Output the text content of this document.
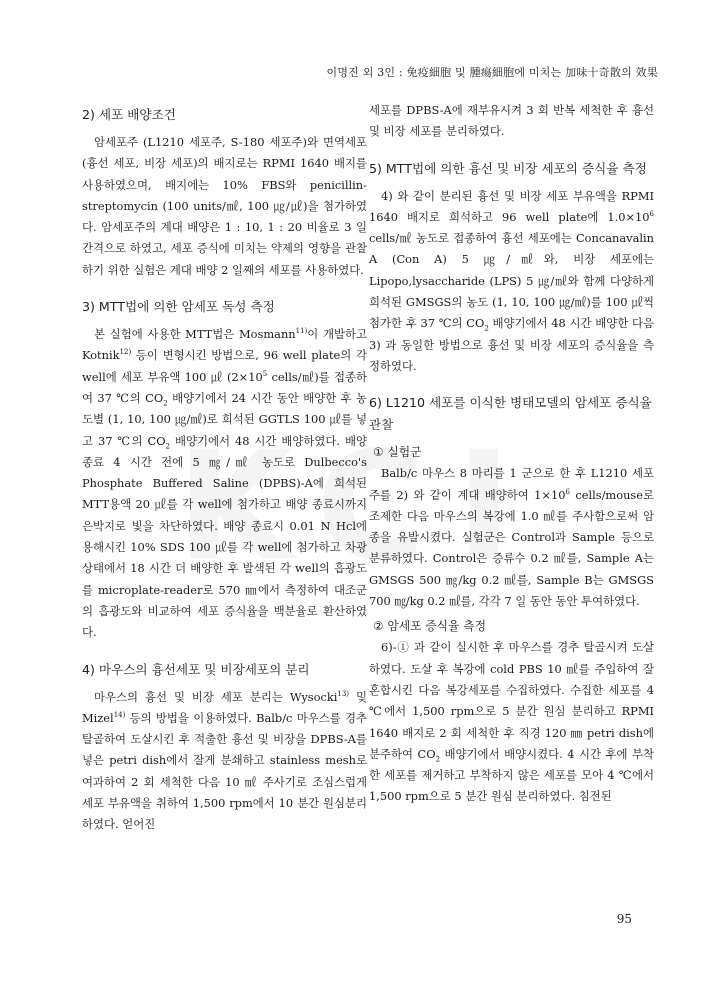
이명진 외 3인 : 免疫細胞 및 腫瘍細胞에 미치는 加味十奇散의 效果
2) 세포 배양조건

암세포주 (L1210 세포주, S-180 세포주)와 면역세포 (흉선 세포, 비장 세포)의 배지로는 RPMI 1640 배지를 사용하였으며, 배지에는 10% FBS와 penicillin-streptomycin (100 units/㎖, 100 ㎍/㎕)을 첨가하였다. 암세포주의 계대 배양은 1 : 10, 1 : 20 비율로 3 일 간격으로 하였고, 세포 증식에 미치는 약제의 영향을 관찰하기 위한 실험은 계대 배양 2 일째의 세포를 사용하였다.

3) MTT법에 의한 암세포 독성 측정

본 실험에 사용한 MTT법은 Mosmann$^{11)}$이 개발하고 Kotnik$^{12)}$ 등이 변형시킨 방법으로, 96 well plate의 각 well에 세포 부유액 100 ㎕ ($2\times 10^5$ cells/㎖)를 접종하여 37 ℃의 $CO_2$ 배양기에서 24 시간 동안 배양한 후 농도별 (1, 10, 100 ㎍/㎖)로 희석된 GGTLS 100 ㎕를 넣고 37 ℃의 $CO_2$ 배양기에서 48 시간 배양하였다. 배양 종료 4 시간 전에 5 ㎎/㎖ 농도로 Dulbecco's Phosphate Buffered Saline (DPBS)-A에 희석된 MTT용액 20 ㎕를 각 well에 첨가하고 배양 종료시까지 은박지로 빛을 차단하였다. 배양 종료시 0.01 N Hcl에 용해시킨 10% SDS 100 ㎕를 각 well에 첨가하고 차광상태에서 18 시간 더 배양한 후 발색된 각 well의 흡광도를 microplate-reader로 570 ㎚에서 측정하여 대조군의 흡광도와 비교하여 세포 증식율을 백분율로 환산하였다.

4) 마우스의 흉선세포 및 비장세포의 분리

마우스의 흉선 및 비장 세포 분리는 Wysocki$^{13)}$ 및 Mizel$^{14)}$ 등의 방법을 이용하였다. Balb/c 마우스를 경추탈골하여 도살시킨 후 적출한 흉선 및 비장을 DPBS-A를 넣은 petri dish에서 잘게 분쇄하고 stainless mesh로 여과하여 2 회 세척한 다음 10 ㎖ 주사기로 조심스럽게 세포 부유액을 취하여 1,500 rpm에서 10 분간 원심분리하였다. 얻어진

세포를 DPBS-A에 재부유시켜 3 회 반복 세척한 후 흉선 및 비장 세포를 분리하였다.

5) MTT법에 의한 흉선 및 비장 세포의 증식율 측정

4) 와 같이 분리된 흉선 및 비장 세포 부유액을 RPMI 1640 배지로 희석하고 96 well plate에 $1.0\times 10^6$ cells/㎖ 농도로 접종하여 흉선 세포에는 Concanavalin A (Con A) 5 ㎍/㎖와, 비장 세포에는 Lipopo,lysaccharide (LPS) 5 ㎍/㎖와 함께 다양하게 희석된 GMSGS의 농도 (1, 10, 100 ㎍/㎖)를 100 ㎕씩 첨가한 후 37 ℃의 $CO_2$ 배양기에서 48 시간 배양한 다음 3) 과 동일한 방법으로 흉선 및 비장 세포의 증식율을 측정하였다.

6) L1210 세포를 이식한 병태모델의 암세포 증식율 관찰
① 실험군

Balb/c 마우스 8 마리를 1 군으로 한 후 L1210 세포주를 2) 와 같이 계대 배양하여 $1\times 10^6$ cells/mouse로 조제한 다음 마우스의 복강에 1.0 ㎖를 주사함으로써 암종을 유발시켰다. 실험군은 Control과 Sample 등으로 분류하였다. Control은 증류수 0.2 ㎖를, Sample A는 GMSGS 500 ㎎/kg 0.2 ㎖를, Sample B는 GMSGS 700 ㎎/kg 0.2 ㎖를, 각각 7 일 동안 동안 투여하였다.

② 암세포 증식율 측정

6)-① 과 같이 실시한 후 마우스를 경추 탈골시켜 도살하였다. 도살 후 복강에 cold PBS 10 ㎖를 주입하여 잘 혼합시킨 다음 복강세포를 수집하였다. 수집한 세포를 4 ℃에서 1,500 rpm으로 5 분간 원심 분리하고 RPMI 1640 배지로 2 회 세척한 후 직경 120 ㎜ petri dish에 분주하여 $CO_2$ 배양기에서 배양시켰다. 4 시간 후에 부착한 세포를 제거하고 부착하지 않은 세포를 모아 4 ℃에서 1,500 rpm으로 5 분간 원심 분리하였다. 침전된

95
